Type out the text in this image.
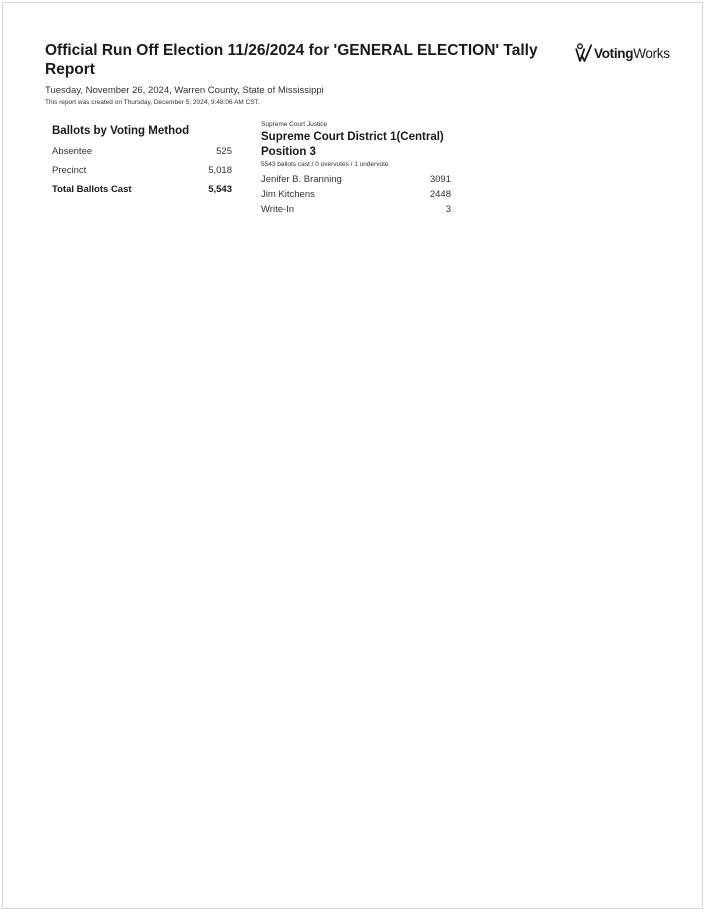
Official Run Off Election 11/26/2024 for 'GENERAL ELECTION' Tally Report
VotingWorks
Tuesday, November 26, 2024, Warren County, State of Mississippi
This report was created on Thursday, December 5, 2024, 9:48:06 AM CST.
Ballots by Voting Method
Absentee	525
Precinct	5,018
Total Ballots Cast	5,543
Supreme Court Justice
Supreme Court District 1(Central) Position 3
5543 ballots cast / 0 overvotes / 1 undervote
Jenifer B. Branning	3091
Jim Kitchens	2448
Write-In	3
